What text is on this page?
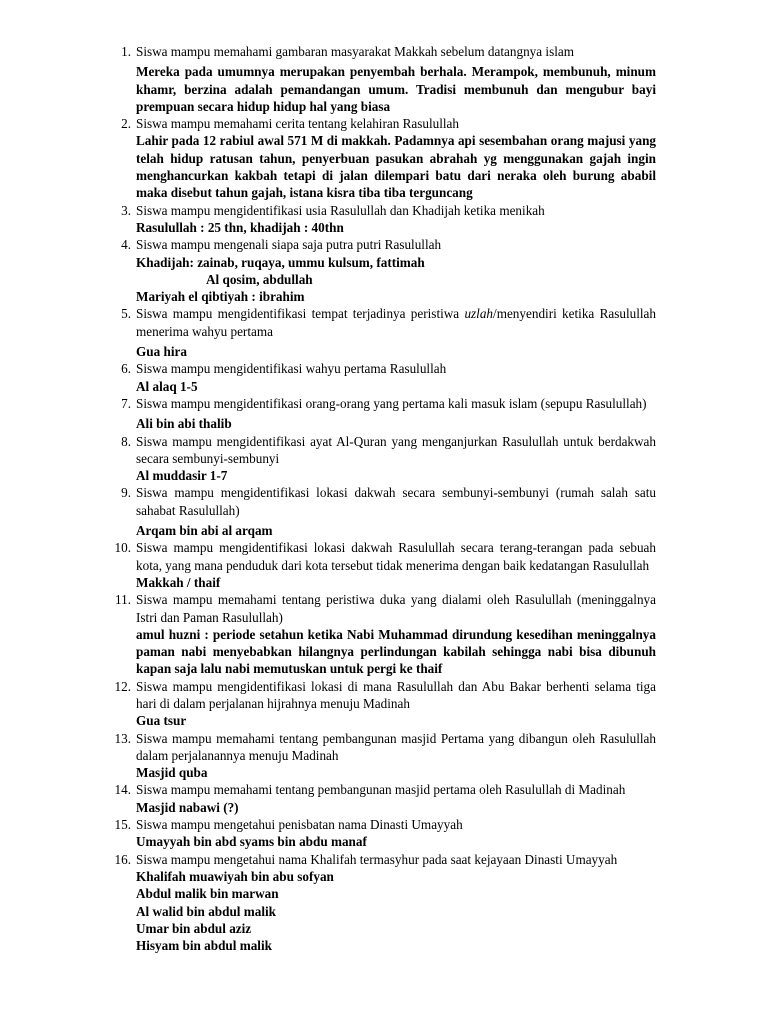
1. Siswa mampu memahami gambaran masyarakat Makkah sebelum datangnya islam
Mereka pada umumnya merupakan penyembah berhala. Merampok, membunuh, minum khamr, berzina adalah pemandangan umum. Tradisi membunuh dan mengubur bayi prempuan secara hidup hidup hal yang biasa
2. Siswa mampu memahami cerita tentang kelahiran Rasulullah
Lahir pada 12 rabiul awal 571 M di makkah. Padamnya api sesembahan orang majusi yang telah hidup ratusan tahun, penyerbuan pasukan abrahah yg menggunakan gajah ingin menghancurkan kakbah tetapi di jalan dilempari batu dari neraka oleh burung ababil maka disebut tahun gajah, istana kisra tiba tiba terguncang
3. Siswa mampu mengidentifikasi usia Rasulullah dan Khadijah ketika menikah
Rasulullah : 25 thn, khadijah : 40thn
4. Siswa mampu mengenali siapa saja putra putri Rasulullah
Khadijah: zainab, ruqaya, ummu kulsum, fattimah
Al qosim, abdullah
Mariyah el qibtiyah : ibrahim
5. Siswa mampu mengidentifikasi tempat terjadinya peristiwa uzlah/menyendiri ketika Rasulullah menerima wahyu pertama
Gua hira
6. Siswa mampu mengidentifikasi wahyu pertama Rasulullah
Al alaq 1-5
7. Siswa mampu mengidentifikasi orang-orang yang pertama kali masuk islam (sepupu Rasulullah)
Ali bin abi thalib
8. Siswa mampu mengidentifikasi ayat Al-Quran yang menganjurkan Rasulullah untuk berdakwah secara sembunyi-sembunyi
Al muddasir 1-7
9. Siswa mampu mengidentifikasi lokasi dakwah secara sembunyi-sembunyi (rumah salah satu sahabat Rasulullah)
Arqam bin abi al arqam
10. Siswa mampu mengidentifikasi lokasi dakwah Rasulullah secara terang-terangan pada sebuah kota, yang mana penduduk dari kota tersebut tidak menerima dengan baik kedatangan Rasulullah
Makkah / thaif
11. Siswa mampu memahami tentang peristiwa duka yang dialami oleh Rasulullah (meninggalnya Istri dan Paman Rasulullah)
amul huzni : periode setahun ketika Nabi Muhammad dirundung kesedihan meninggalnya paman nabi menyebabkan hilangnya perlindungan kabilah sehingga nabi bisa dibunuh kapan saja lalu nabi memutuskan untuk pergi ke thaif
12. Siswa mampu mengidentifikasi lokasi di mana Rasulullah dan Abu Bakar berhenti selama tiga hari di dalam perjalanan hijrahnya menuju Madinah
Gua tsur
13. Siswa mampu memahami tentang pembangunan masjid Pertama yang dibangun oleh Rasulullah dalam perjalanannya menuju Madinah
Masjid quba
14. Siswa mampu memahami tentang pembangunan masjid pertama oleh Rasulullah di Madinah
Masjid nabawi (?)
15. Siswa mampu mengetahui penisbatan nama Dinasti Umayyah
Umayyah bin abd syams bin abdu manaf
16. Siswa mampu mengetahui nama Khalifah termasyhur pada saat kejayaan Dinasti Umayyah
Khalifah muawiyah bin abu sofyan
Abdul malik bin marwan
Al walid bin abdul malik
Umar bin abdul aziz
Hisyam bin abdul malik
